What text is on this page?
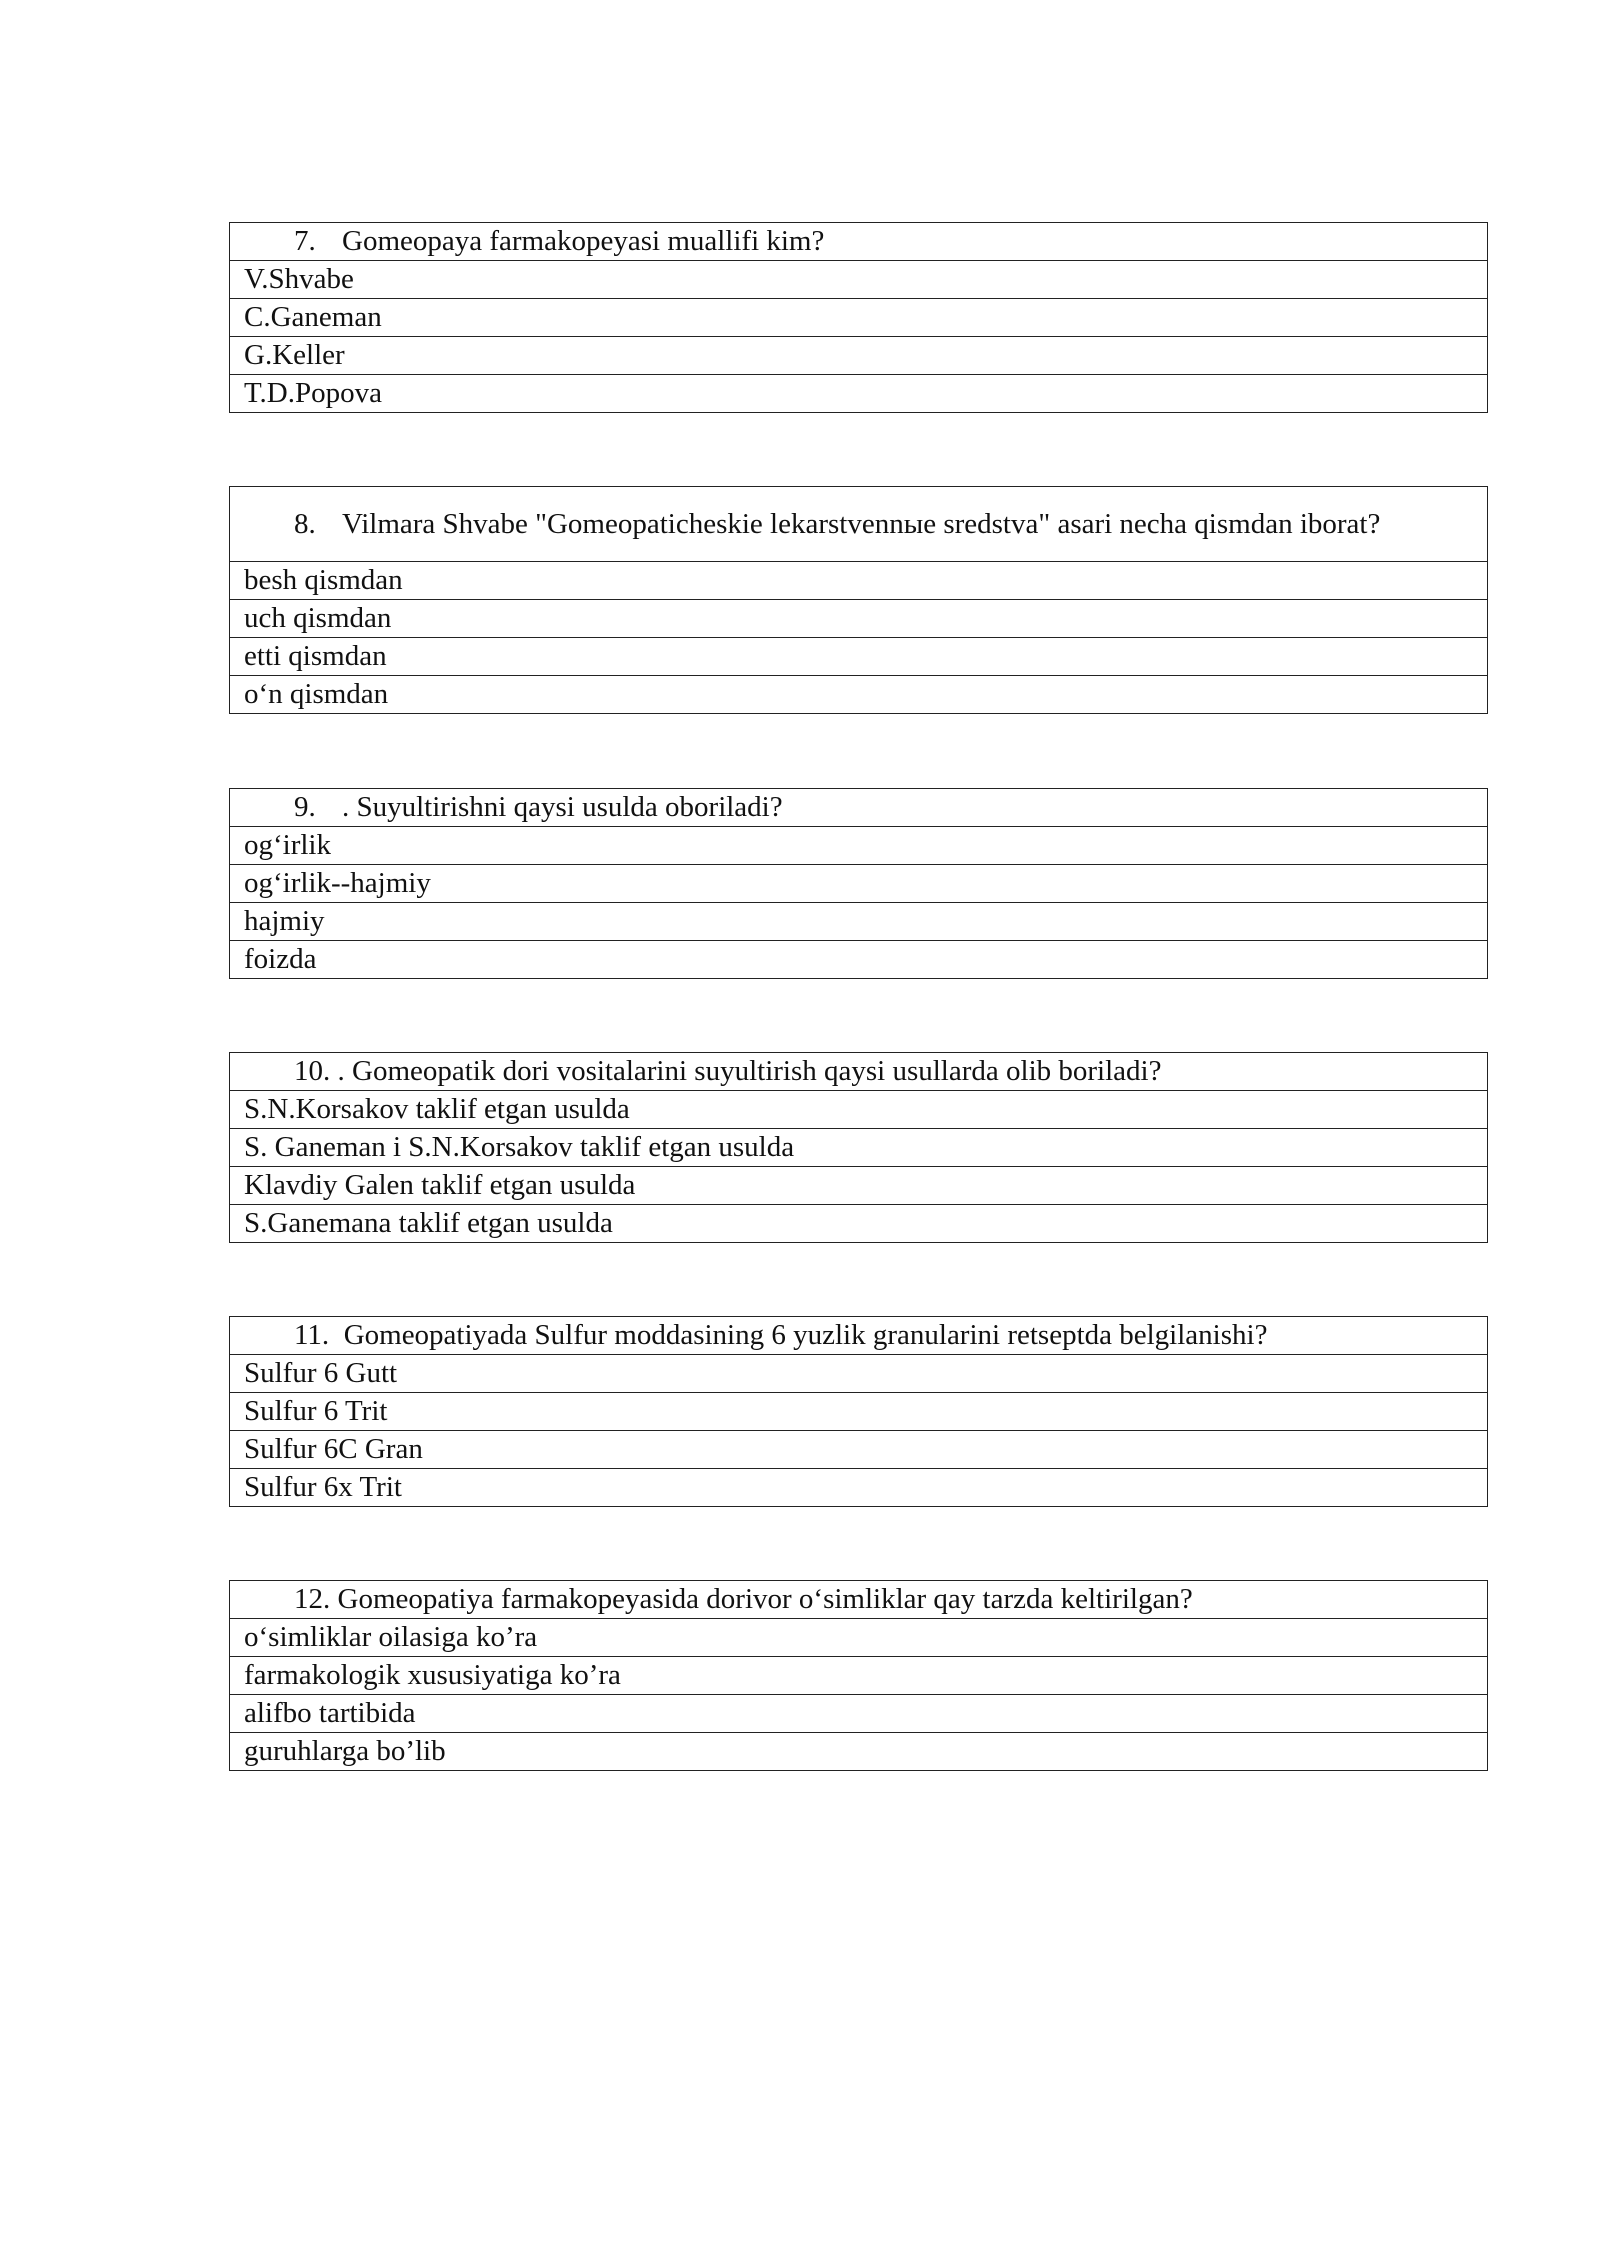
7. Gomeopaya farmakopeyasi muallifi kim?
V.Shvabe
C.Ganeman
G.Keller
T.D.Popova
8. Vilmara Shvabe "Gomeopaticheskie lekarstvennые sredstva" asari necha qismdan iborat?

besh qismdan
uch qismdan
etti qismdan
o‘n qismdan
9. . Suyultirishni qaysi usulda oboriladi?
og‘irlik
og‘irlik--hajmiy
hajmiy
foizda
10. . Gomeopatik dori vositalarini suyultirish qaysi usullarda olib boriladi?
S.N.Korsakov taklif etgan usulda
S. Ganeman i S.N.Korsakov taklif etgan usulda
Klavdiy Galen taklif etgan usulda
S.Ganemana taklif etgan usulda
11. Gomeopatiyada Sulfur moddasining 6 yuzlik granularini retseptda belgilanishi?
Sulfur 6 Gutt
Sulfur 6 Trit
Sulfur 6C Gran
Sulfur 6x Trit
12. Gomeopatiya farmakopeyasida dorivor o‘simliklar qay tarzda keltirilgan?
o‘simliklar oilasiga ko’ra
farmakologik xususiyatiga ko’ra
alifbo tartibida
guruhlarga bo’lib
